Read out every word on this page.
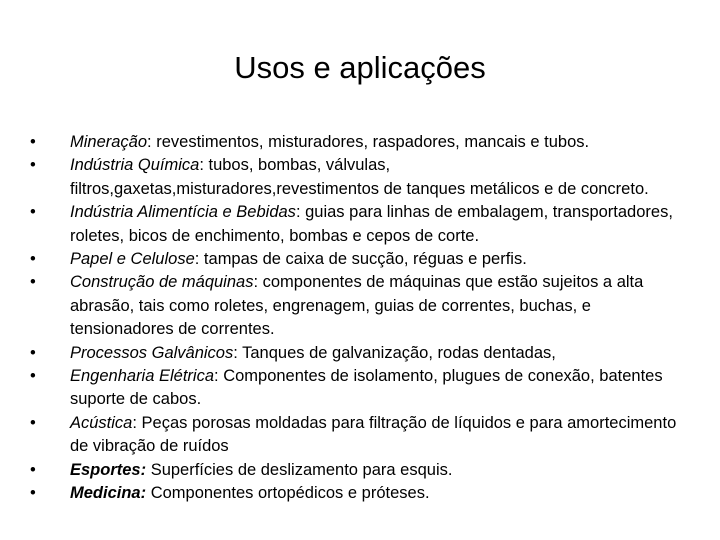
Usos e aplicações
•	Mineração: revestimentos, misturadores, raspadores, mancais e tubos.
•	Indústria Química: tubos, bombas, válvulas, filtros,gaxetas,misturadores,revestimentos de tanques metálicos e de concreto.
•	Indústria Alimentícia e Bebidas: guias para linhas de embalagem, transportadores, roletes, bicos de enchimento, bombas e cepos de corte.
•	Papel e Celulose: tampas de caixa de sucção, réguas e perfis.
•	Construção de máquinas: componentes de máquinas que estão sujeitos a alta abrasão, tais como roletes, engrenagem, guias de correntes, buchas, e tensionadores de correntes.
•	Processos Galvânicos: Tanques de galvanização, rodas dentadas,
•	Engenharia Elétrica: Componentes de isolamento, plugues de conexão, batentes suporte de cabos.
•	Acústica: Peças porosas moldadas para filtração de líquidos e para amortecimento de vibração de ruídos
•	Esportes: Superfícies de deslizamento para esquis.
•	Medicina: Componentes ortopédicos e próteses.
